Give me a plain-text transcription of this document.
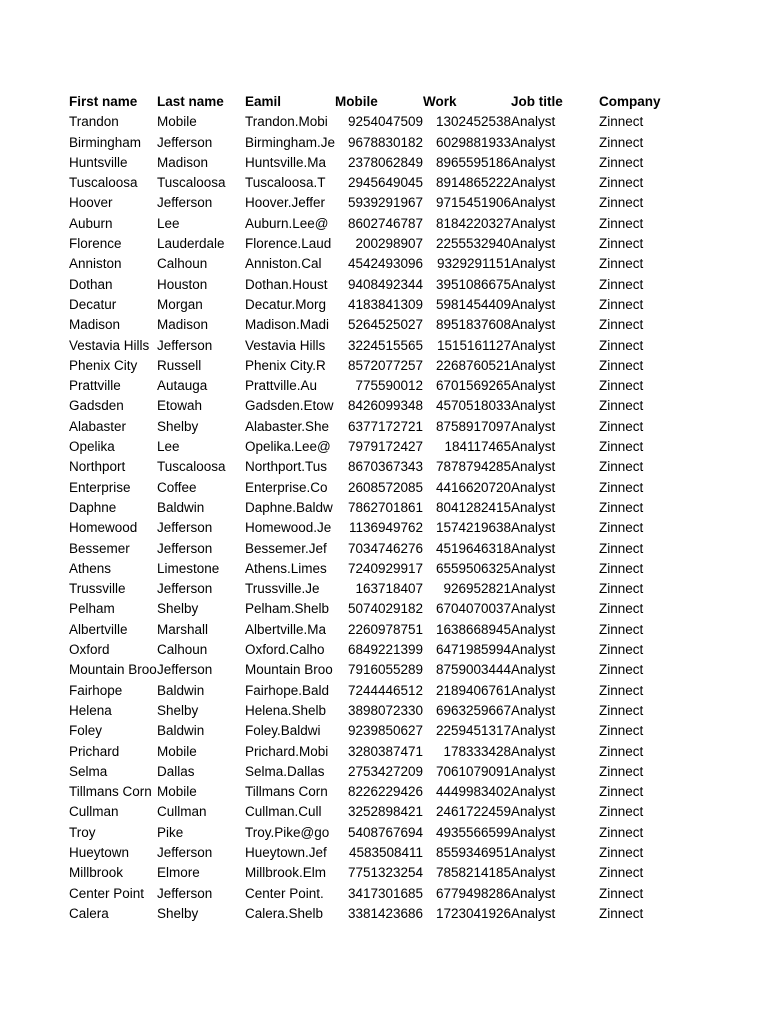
First name	Last name	Eamil	Mobile	Work	Job title	Company
Trandon	Mobile	Trandon.Mobi	9254047509	1302452538	Analyst	Zinnect
Birmingham	Jefferson	Birmingham.Je	9678830182	6029881933	Analyst	Zinnect
Huntsville	Madison	Huntsville.Ma	2378062849	8965595186	Analyst	Zinnect
Tuscaloosa	Tuscaloosa	Tuscaloosa.T	2945649045	8914865222	Analyst	Zinnect
Hoover	Jefferson	Hoover.Jeffer	5939291967	9715451906	Analyst	Zinnect
Auburn	Lee	Auburn.Lee@	8602746787	8184220327	Analyst	Zinnect
Florence	Lauderdale	Florence.Laud	200298907	2255532940	Analyst	Zinnect
Anniston	Calhoun	Anniston.Cal	4542493096	9329291151	Analyst	Zinnect
Dothan	Houston	Dothan.Houst	9408492344	3951086675	Analyst	Zinnect
Decatur	Morgan	Decatur.Morg	4183841309	5981454409	Analyst	Zinnect
Madison	Madison	Madison.Madi	5264525027	8951837608	Analyst	Zinnect
Vestavia Hills	Jefferson	Vestavia Hills	3224515565	1515161127	Analyst	Zinnect
Phenix City	Russell	Phenix City.R	8572077257	2268760521	Analyst	Zinnect
Prattville	Autauga	Prattville.Au	775590012	6701569265	Analyst	Zinnect
Gadsden	Etowah	Gadsden.Etow	8426099348	4570518033	Analyst	Zinnect
Alabaster	Shelby	Alabaster.She	6377172721	8758917097	Analyst	Zinnect
Opelika	Lee	Opelika.Lee@	7979172427	184117465	Analyst	Zinnect
Northport	Tuscaloosa	Northport.Tus	8670367343	7878794285	Analyst	Zinnect
Enterprise	Coffee	Enterprise.Co	2608572085	4416620720	Analyst	Zinnect
Daphne	Baldwin	Daphne.Baldw	7862701861	8041282415	Analyst	Zinnect
Homewood	Jefferson	Homewood.Je	1136949762	1574219638	Analyst	Zinnect
Bessemer	Jefferson	Bessemer.Jef	7034746276	4519646318	Analyst	Zinnect
Athens	Limestone	Athens.Limes	7240929917	6559506325	Analyst	Zinnect
Trussville	Jefferson	Trussville.Je	163718407	926952821	Analyst	Zinnect
Pelham	Shelby	Pelham.Shelb	5074029182	6704070037	Analyst	Zinnect
Albertville	Marshall	Albertville.Ma	2260978751	1638668945	Analyst	Zinnect
Oxford	Calhoun	Oxford.Calho	6849221399	6471985994	Analyst	Zinnect
Mountain Broo	Jefferson	Mountain Broo	7916055289	8759003444	Analyst	Zinnect
Fairhope	Baldwin	Fairhope.Bald	7244446512	2189406761	Analyst	Zinnect
Helena	Shelby	Helena.Shelb	3898072330	6963259667	Analyst	Zinnect
Foley	Baldwin	Foley.Baldwi	9239850627	2259451317	Analyst	Zinnect
Prichard	Mobile	Prichard.Mobi	3280387471	178333428	Analyst	Zinnect
Selma	Dallas	Selma.Dallas	2753427209	7061079091	Analyst	Zinnect
Tillmans Corn	Mobile	Tillmans Corn	8226229426	4449983402	Analyst	Zinnect
Cullman	Cullman	Cullman.Cull	3252898421	2461722459	Analyst	Zinnect
Troy	Pike	Troy.Pike@go	5408767694	4935566599	Analyst	Zinnect
Hueytown	Jefferson	Hueytown.Jef	4583508411	8559346951	Analyst	Zinnect
Millbrook	Elmore	Millbrook.Elm	7751323254	7858214185	Analyst	Zinnect
Center Point	Jefferson	Center Point.	3417301685	6779498286	Analyst	Zinnect
Calera	Shelby	Calera.Shelb	3381423686	1723041926	Analyst	Zinnect
